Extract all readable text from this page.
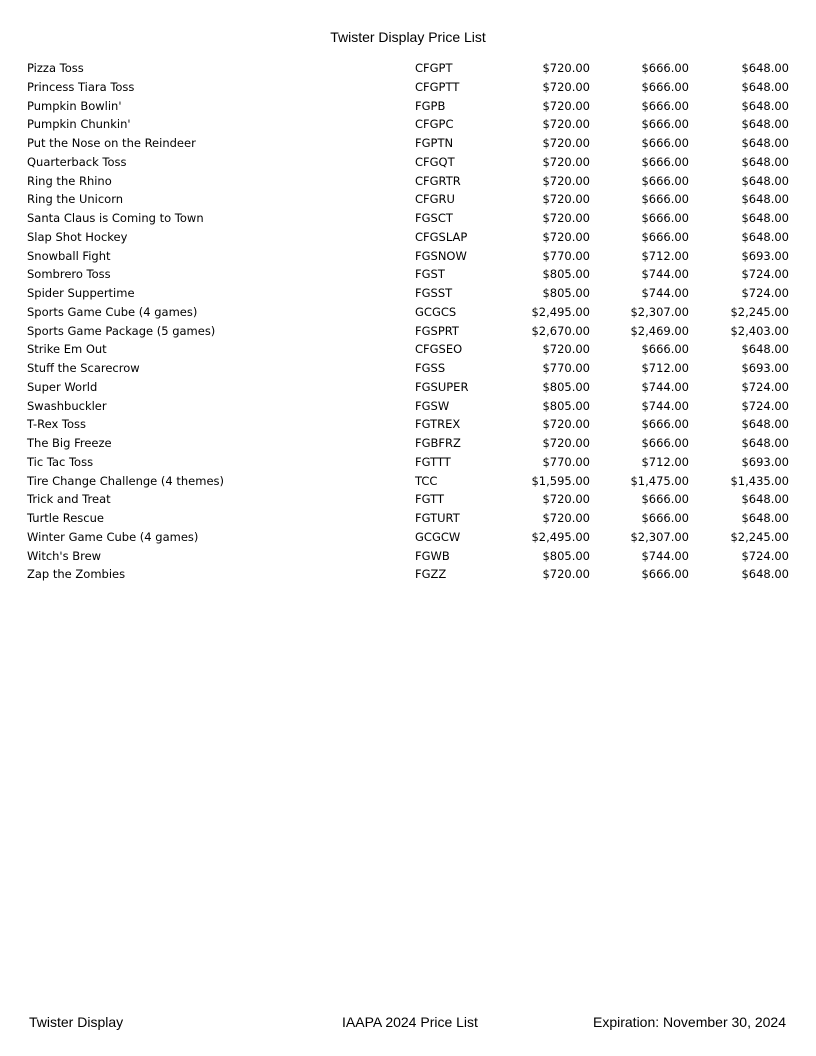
Twister Display Price List
Pizza Toss	CFGPT	$720.00	$666.00	$648.00
Princess Tiara Toss	CFGPTT	$720.00	$666.00	$648.00
Pumpkin Bowlin'	FGPB	$720.00	$666.00	$648.00
Pumpkin Chunkin'	CFGPC	$720.00	$666.00	$648.00
Put the Nose on the Reindeer	FGPTN	$720.00	$666.00	$648.00
Quarterback Toss	CFGQT	$720.00	$666.00	$648.00
Ring the Rhino	CFGRTR	$720.00	$666.00	$648.00
Ring the Unicorn	CFGRU	$720.00	$666.00	$648.00
Santa Claus is Coming to Town	FGSCT	$720.00	$666.00	$648.00
Slap Shot Hockey	CFGSLAP	$720.00	$666.00	$648.00
Snowball Fight	FGSNOW	$770.00	$712.00	$693.00
Sombrero Toss	FGST	$805.00	$744.00	$724.00
Spider Suppertime	FGSST	$805.00	$744.00	$724.00
Sports Game Cube (4 games)	GCGCS	$2,495.00	$2,307.00	$2,245.00
Sports Game Package (5 games)	FGSPRT	$2,670.00	$2,469.00	$2,403.00
Strike Em Out	CFGSEO	$720.00	$666.00	$648.00
Stuff the Scarecrow	FGSS	$770.00	$712.00	$693.00
Super World	FGSUPER	$805.00	$744.00	$724.00
Swashbuckler	FGSW	$805.00	$744.00	$724.00
T-Rex Toss	FGTREX	$720.00	$666.00	$648.00
The Big Freeze	FGBFRZ	$720.00	$666.00	$648.00
Tic Tac Toss	FGTTT	$770.00	$712.00	$693.00
Tire Change Challenge (4 themes)	TCC	$1,595.00	$1,475.00	$1,435.00
Trick and Treat	FGTT	$720.00	$666.00	$648.00
Turtle Rescue	FGTURT	$720.00	$666.00	$648.00
Winter Game Cube (4 games)	GCGCW	$2,495.00	$2,307.00	$2,245.00
Witch's Brew	FGWB	$805.00	$744.00	$724.00
Zap the Zombies	FGZZ	$720.00	$666.00	$648.00
Twister Display	IAAPA 2024 Price List	Expiration: November 30, 2024
